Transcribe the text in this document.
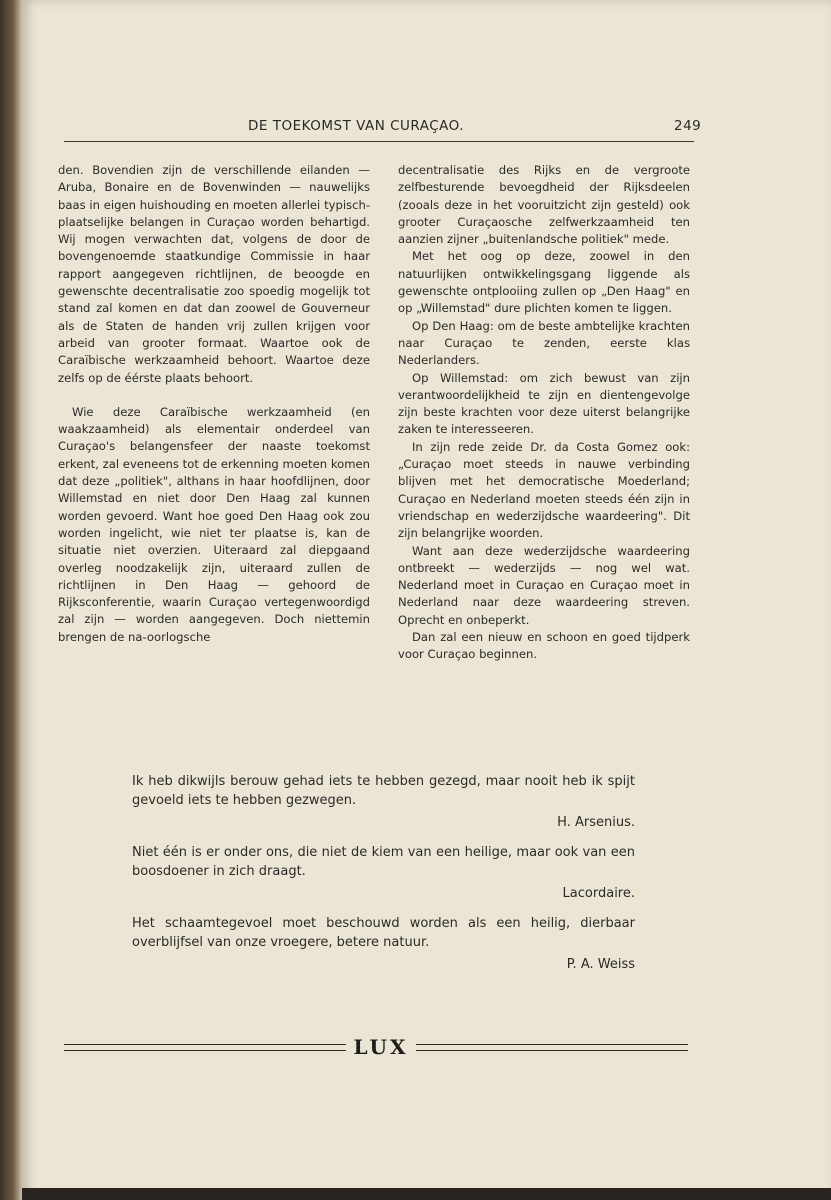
DE TOEKOMST VAN CURAÇAO.	249

den. Bovendien zijn de verschillende eilanden — Aruba, Bonaire en de Bovenwinden — nauwelijks baas in eigen huishouding en moeten allerlei typisch-plaatselijke belangen in Curaçao worden behartigd. Wij mogen verwachten dat, volgens de door de bovengenoemde staatkundige Commissie in haar rapport aangegeven richtlijnen, de beoogde en gewenschte decentralisatie zoo spoedig mogelijk tot stand zal komen en dat dan zoowel de Gouverneur als de Staten de handen vrij zullen krijgen voor arbeid van grooter formaat. Waartoe ook de Caraïbische werkzaamheid behoort. Waartoe deze zelfs op de éérste plaats behoort.

Wie deze Caraïbische werkzaamheid (en waakzaamheid) als elementair onderdeel van Curaçao's belangensfeer der naaste toekomst erkent, zal eveneens tot de erkenning moeten komen dat deze „politiek", althans in haar hoofdlijnen, door Willemstad en niet door Den Haag zal kunnen worden gevoerd. Want hoe goed Den Haag ook zou worden ingelicht, wie niet ter plaatse is, kan de situatie niet overzien. Uiteraard zal diepgaand overleg noodzakelijk zijn, uiteraard zullen de richtlijnen in Den Haag — gehoord de Rijksconferentie, waarin Curaçao vertegenwoordigd zal zijn — worden aangegeven. Doch niettemin brengen de na-oorlogsche

decentralisatie des Rijks en de vergroote zelfbesturende bevoegdheid der Rijksdeelen (zooals deze in het vooruitzicht zijn gesteld) ook grooter Curaçaosche zelfwerkzaamheid ten aanzien zijner „buitenlandsche politiek" mede.

Met het oog op deze, zoowel in den natuurlijken ontwikkelingsgang liggende als gewenschte ontplooiing zullen op „Den Haag" en op „Willemstad" dure plichten komen te liggen.

Op Den Haag: om de beste ambtelijke krachten naar Curaçao te zenden, eerste klas Nederlanders.

Op Willemstad: om zich bewust van zijn verantwoordelijkheid te zijn en dientengevolge zijn beste krachten voor deze uiterst belangrijke zaken te interesseeren.

In zijn rede zeide Dr. da Costa Gomez ook: „Curaçao moet steeds in nauwe verbinding blijven met het democratische Moederland; Curaçao en Nederland moeten steeds één zijn in vriendschap en wederzijdsche waardeering". Dit zijn belangrijke woorden.

Want aan deze wederzijdsche waardeering ontbreekt — wederzijds — nog wel wat. Nederland moet in Curaçao en Curaçao moet in Nederland naar deze waardeering streven. Oprecht en onbeperkt.

Dan zal een nieuw en schoon en goed tijdperk voor Curaçao beginnen.

Ik heb dikwijls berouw gehad iets te hebben gezegd, maar nooit heb ik spijt gevoeld iets te hebben gezwegen.
H. Arsenius.
Niet één is er onder ons, die niet de kiem van een heilige, maar ook van een boosdoener in zich draagt.
Lacordaire.
Het schaamtegevoel moet beschouwd worden als een heilig, dierbaar overblijfsel van onze vroegere, betere natuur.
P. A. Weiss
LUX
